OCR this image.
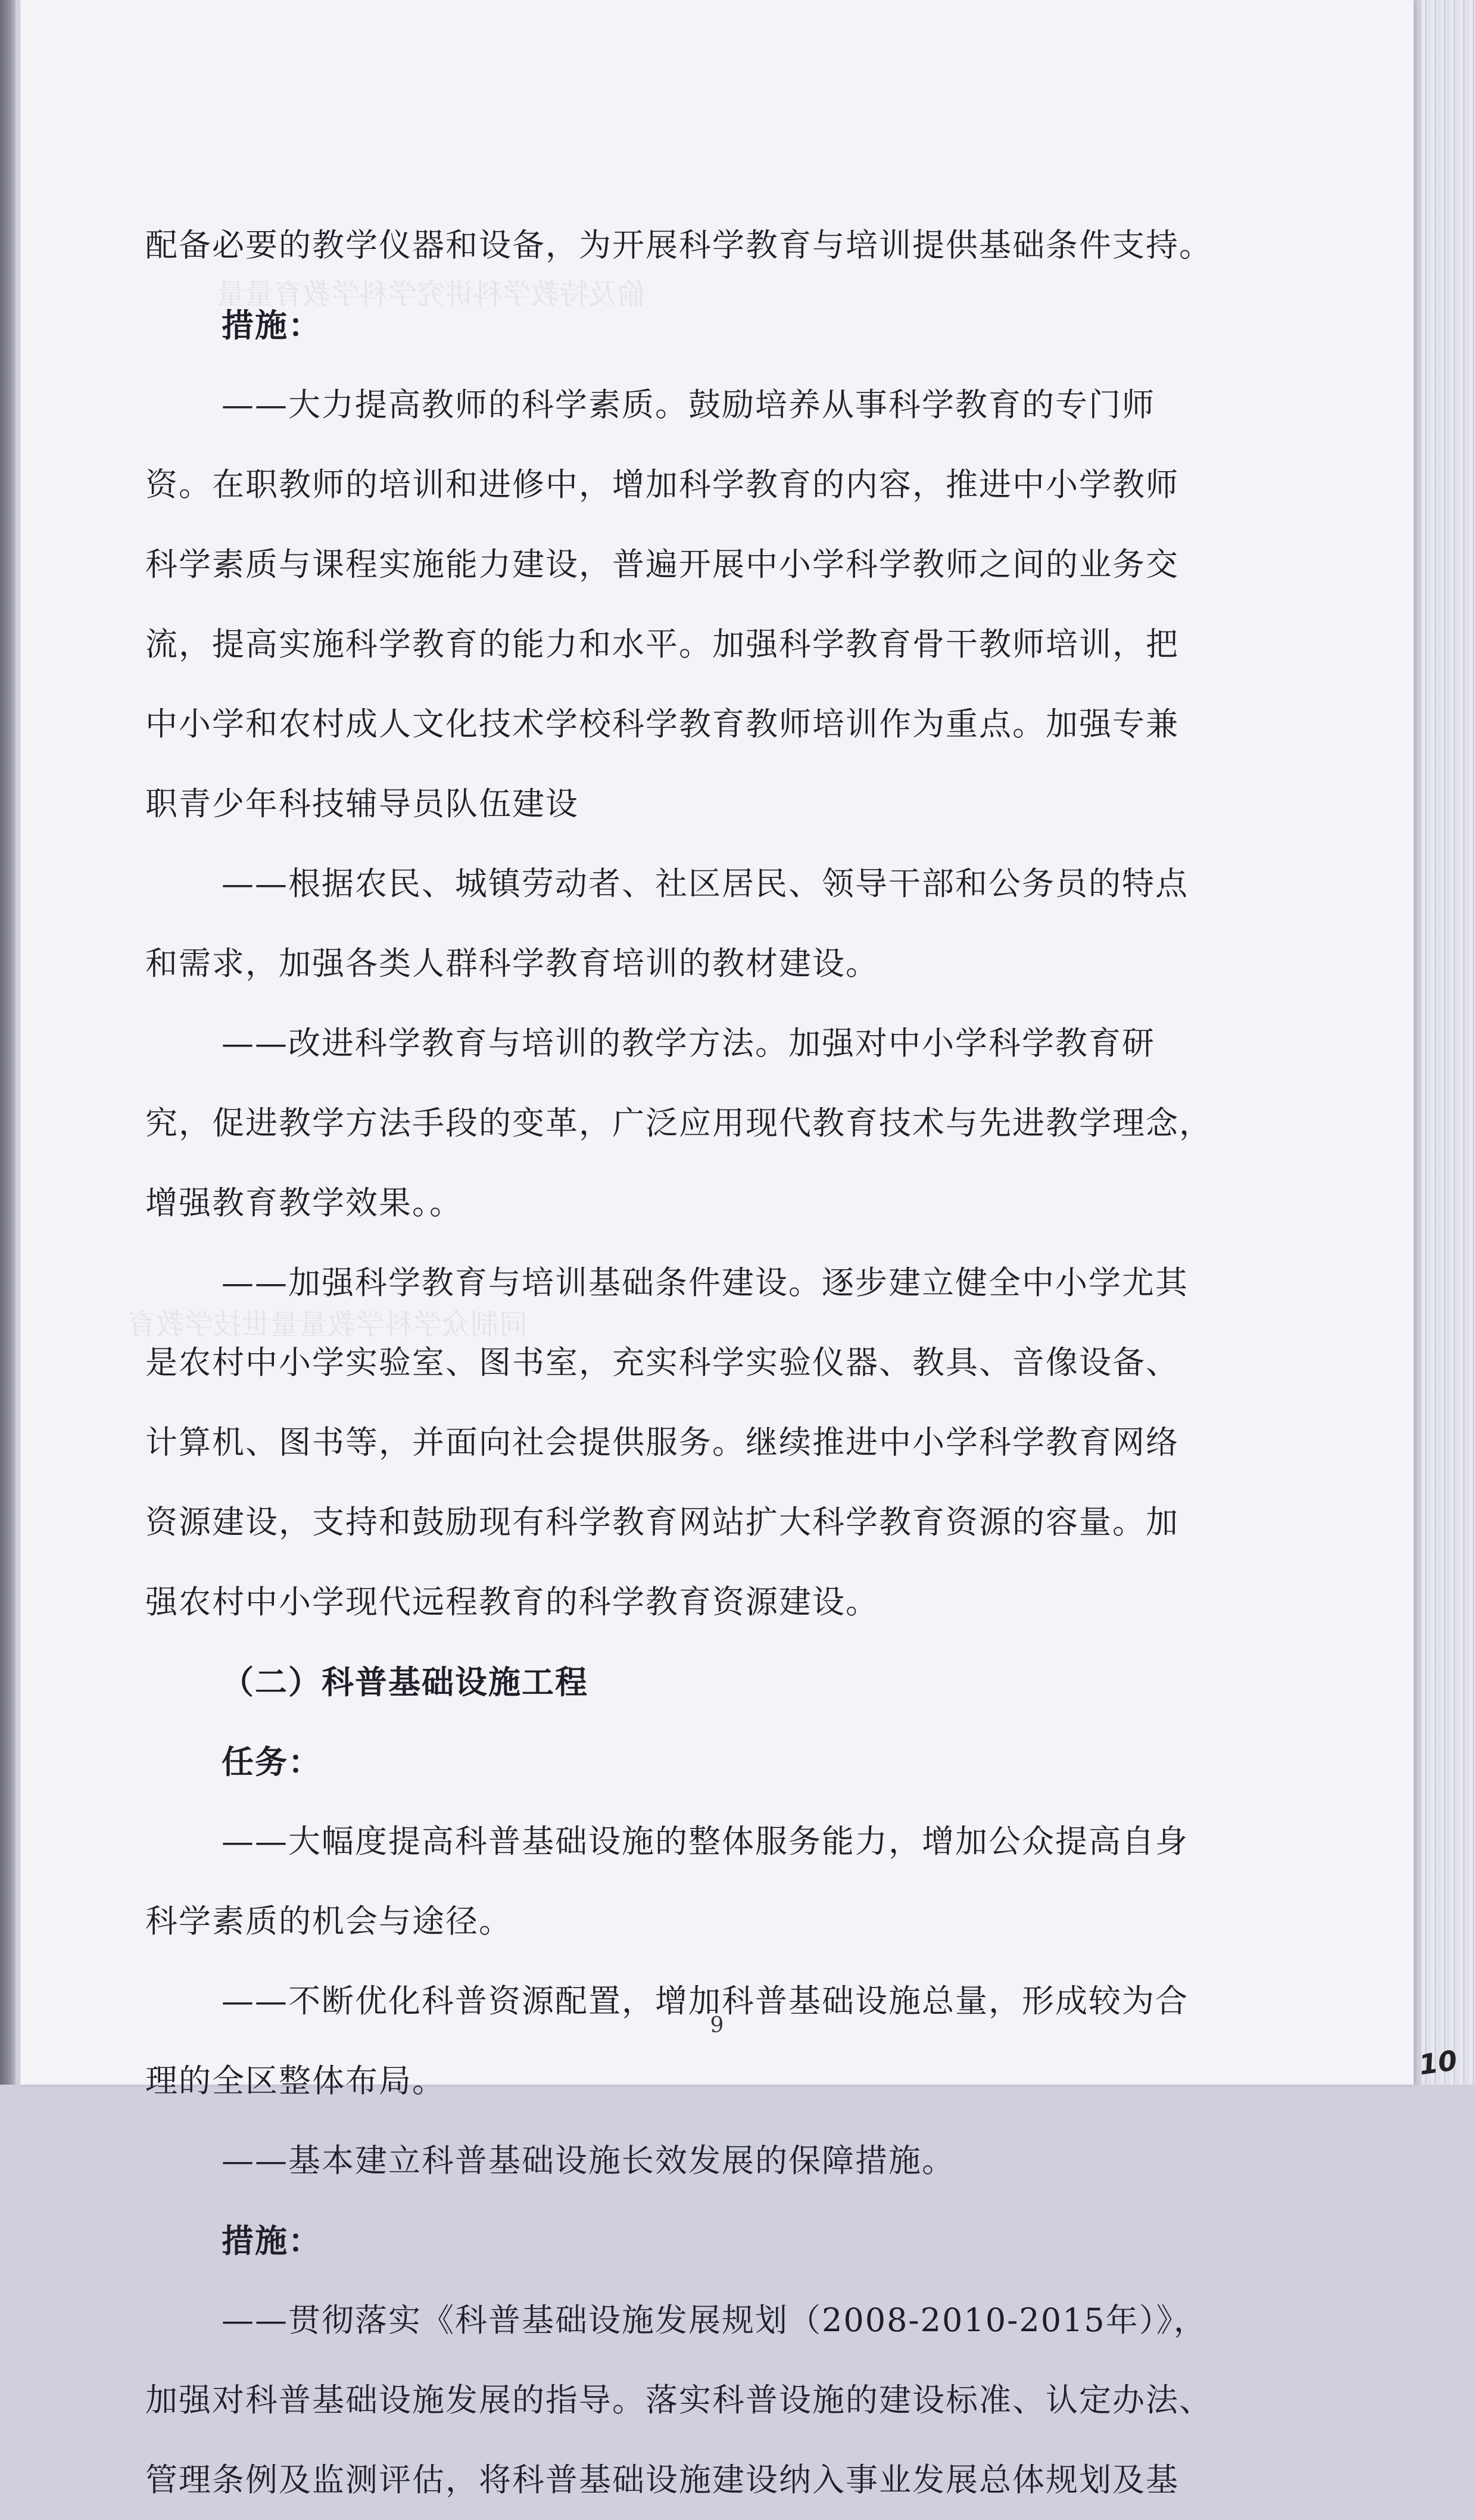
偷及特教学科讲究学科学教育量量
同制众学科学教量量世技学教育
配备必要的教学仪器和设备，为开展科学教育与培训提供基础条件支持。
措施：
——大力提高教师的科学素质。鼓励培养从事科学教育的专门师
资。在职教师的培训和进修中，增加科学教育的内容，推进中小学教师
科学素质与课程实施能力建设，普遍开展中小学科学教师之间的业务交
流，提高实施科学教育的能力和水平。加强科学教育骨干教师培训，把
中小学和农村成人文化技术学校科学教育教师培训作为重点。加强专兼
职青少年科技辅导员队伍建设
——根据农民、城镇劳动者、社区居民、领导干部和公务员的特点
和需求，加强各类人群科学教育培训的教材建设。
——改进科学教育与培训的教学方法。加强对中小学科学教育研
究，促进教学方法手段的变革，广泛应用现代教育技术与先进教学理念，
增强教育教学效果。。
——加强科学教育与培训基础条件建设。逐步建立健全中小学尤其
是农村中小学实验室、图书室，充实科学实验仪器、教具、音像设备、
计算机、图书等，并面向社会提供服务。继续推进中小学科学教育网络
资源建设，支持和鼓励现有科学教育网站扩大科学教育资源的容量。加
强农村中小学现代远程教育的科学教育资源建设。
（二）科普基础设施工程
任务：
——大幅度提高科普基础设施的整体服务能力，增加公众提高自身
科学素质的机会与途径。
——不断优化科普资源配置，增加科普基础设施总量，形成较为合
理的全区整体布局。
——基本建立科普基础设施长效发展的保障措施。
措施：
——贯彻落实《科普基础设施发展规划（2008-2010-2015年）》，
加强对科普基础设施发展的指导。落实科普设施的建设标准、认定办法、
管理条例及监测评估，将科普基础设施建设纳入事业发展总体规划及基
9
10
